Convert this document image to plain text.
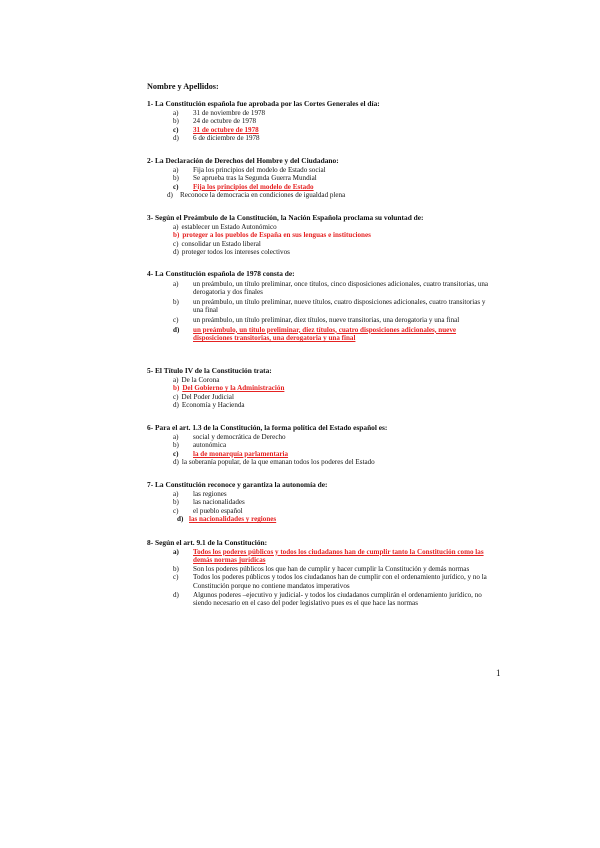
Nombre y Apellidos:
1- La Constitución española fue aprobada por las Cortes Generales el día:
a)	31 de noviembre de 1978
b)	24 de octubre de 1978
c)	31 de octubre de 1978
d)	6 de diciembre de 1978
2- La Declaración de Derechos del Hombre y del Ciudadano:
a)	Fija los principios del modelo de Estado social
b)	Se aprueba tras la Segunda Guerra Mundial
c)	Fija los principios del modelo de Estado
d) Reconoce la democracia en condiciones de igualdad plena
3- Según el Preámbulo de la Constitución, la Nación Española proclama su voluntad de:
a) establecer un Estado Autonómico
b) proteger a los pueblos de España en sus lenguas e instituciones
c) consolidar un Estado liberal
d) proteger todos los intereses colectivos
4- La Constitución española de 1978 consta de:
a)	un preámbulo, un título preliminar, once títulos, cinco disposiciones adicionales, cuatro transitorias, una derogatoria y dos finales
b)	un preámbulo, un título preliminar, nueve títulos, cuatro disposiciones adicionales, cuatro transitorias y una final
c)	un preámbulo, un título preliminar, diez títulos, nueve transitorias, una derogatoria y una final
d)	un preámbulo, un título preliminar, diez títulos, cuatro disposiciones adicionales, nueve disposiciones transitorias, una derogatoria y una final
5- El Título IV de la Constitución trata:
a) De la Corona
b) Del Gobierno y la Administración
c) Del Poder Judicial
d) Economía y Hacienda
6- Para el art. 1.3 de la Constitución, la forma política del Estado español es:
a)	social y democrática de Derecho
b)	autonómica
c)	la de monarquía parlamentaria
d) la soberanía popular, de la que emanan todos los poderes del Estado
7- La Constitución reconoce y garantiza la autonomía de:
a)	las regiones
b)	las nacionalidades
c)	el pueblo español
d) las nacionalidades y regiones
8- Según el art. 9.1 de la Constitución:
a)	Todos los poderes públicos y todos los ciudadanos han de cumplir tanto la Constitución como las demás normas jurídicas
b)	Son los poderes públicos los que han de cumplir y hacer cumplir la Constitución y demás normas
c)	Todos los poderes públicos y todos los ciudadanos han de cumplir con el ordenamiento jurídico, y no la Constitución porque no contiene mandatos imperativos
d)	Algunos poderes –ejecutivo y judicial- y todos los ciudadanos cumplirán el ordenamiento jurídico, no siendo necesario en el caso del poder legislativo pues es el que hace las normas
1
